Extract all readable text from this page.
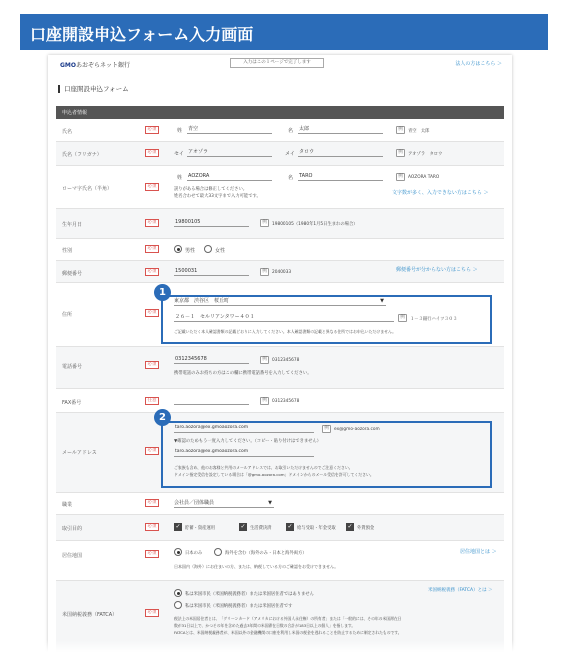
口座開設申込フォーム入力画面
GMOあおぞらネット銀行	入力はこの１ページで完了します	法人の方はこちら ＞
口座開設申込フォーム
申込者情報
氏名	必須	姓 青空	名 太郎	例	青空　太郎
氏名（フリガナ）	必須	セイ アオゾラ	メイ タロウ	例	アオゾラ　タロウ
ローマ字氏名（半角）	必須
姓 AOZORA	名 TARO	例	AOZORA TARO
誤りがある場合は修正してください。
姓名合わせて最大33文字まで入力可能です。
文字数が多く、入力できない方はこちら ＞
生年月日	必須	19800105	例	19800105（1980年1月5日生まれの場合）
性別	必須	男性	女性
郵便番号	必須	1500031	例	2040033	郵便番号が分からない方はこちら ＞
住所	必須
東京都　渋谷区　桜丘町	▼
２６－１　セルリアンタワー４０１	例	１－３銀行ハイツ３０３
ご記載いただく本人確認書類の記載どおりに入力してください。本人確認書類の記載と異なる住所ではお申込いただけません。
1
電話番号	必須
0312345678	例	0312345678
携帯電話のみお持ちの方はこの欄に携帯電話番号を入力してください。
FAX番号	任意	例	0312345678
メールアドレス	必須
taro.aozora@ex.gmoaozora.com	例	ex@gmo-aozora.com
▼確認のためもう一度入力してください。（コピー・貼り付けはできません）
taro.aozora@ex.gmoaozora.com
ご家族も含め、他のお客様と共用のメールアドレスでは、お取引いただけませんのでご注意ください。
ドメイン指定受信を設定している場合は「@gmo-aozora.com」ドメインからのメール受信を許可してください。
2
職業	必須	会社員／団体職員	▼
取引目的	必須	✓	貯蓄・資産運用	✓	生活費決済	✓	給与受取・年金受取 ✓	外貨預金
居住地国	必須	日本のみ	海外を含む（海外のみ・日本と海外両方）	居住地国とは ＞
日本国内（海外）にお住まいの方、または、納税している方のご確認をお受けできません。
米国納税義務（FATCA）	必須
私は米国市民（米国納税義務者）または米国居住者ではありません
米国納税義務（FATCA）とは ＞
私は米国市民（米国納税義務者）または米国居住者です
税法上の米国居住者とは、「グリーンカード（アメリカにおける外国人永住権）の所有者」または「一般的には、その年の米国滞在日
数が31日以上で、かつその年を含めた過去3年間の米国滞在日数の合計が183日以上の個人」を指します。
FATCAとは、米国納税義務者が、米国以外の金融機関の口座を利用し米国の税金を逃れることを防止するために制定されたものです。
